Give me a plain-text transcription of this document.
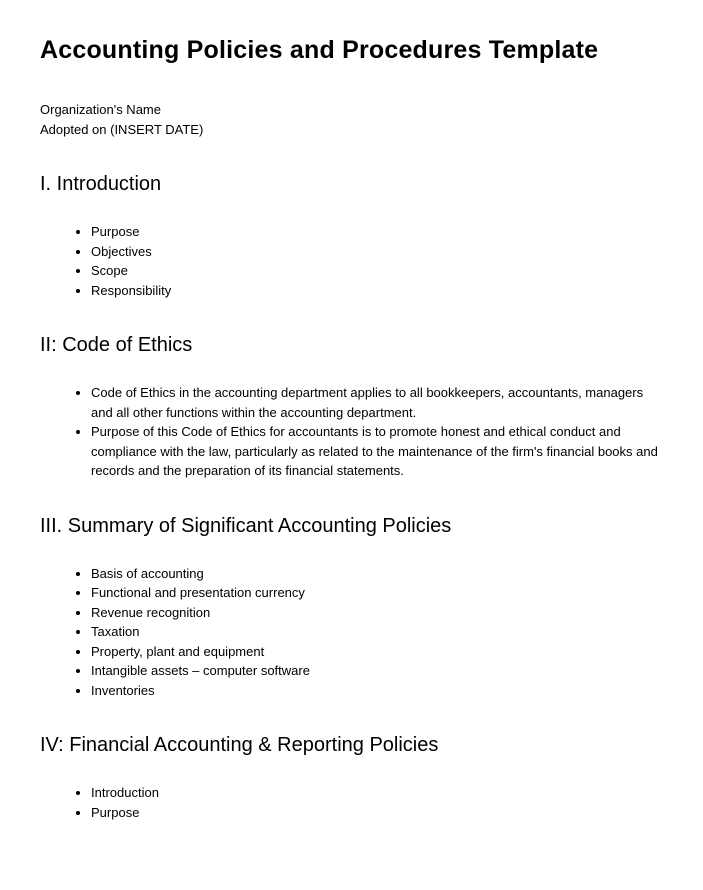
Accounting Policies and Procedures Template
Organization's Name
Adopted on (INSERT DATE)
I. Introduction
• Purpose
• Objectives
• Scope
• Responsibility
II: Code of Ethics
• Code of Ethics in the accounting department applies to all bookkeepers, accountants, managers and all other functions within the accounting department.
• Purpose of this Code of Ethics for accountants is to promote honest and ethical conduct and compliance with the law, particularly as related to the maintenance of the firm's financial books and records and the preparation of its financial statements.
III. Summary of Significant Accounting Policies
• Basis of accounting
• Functional and presentation currency
• Revenue recognition
• Taxation
• Property, plant and equipment
• Intangible assets – computer software
• Inventories
IV: Financial Accounting & Reporting Policies
• Introduction
• Purpose
